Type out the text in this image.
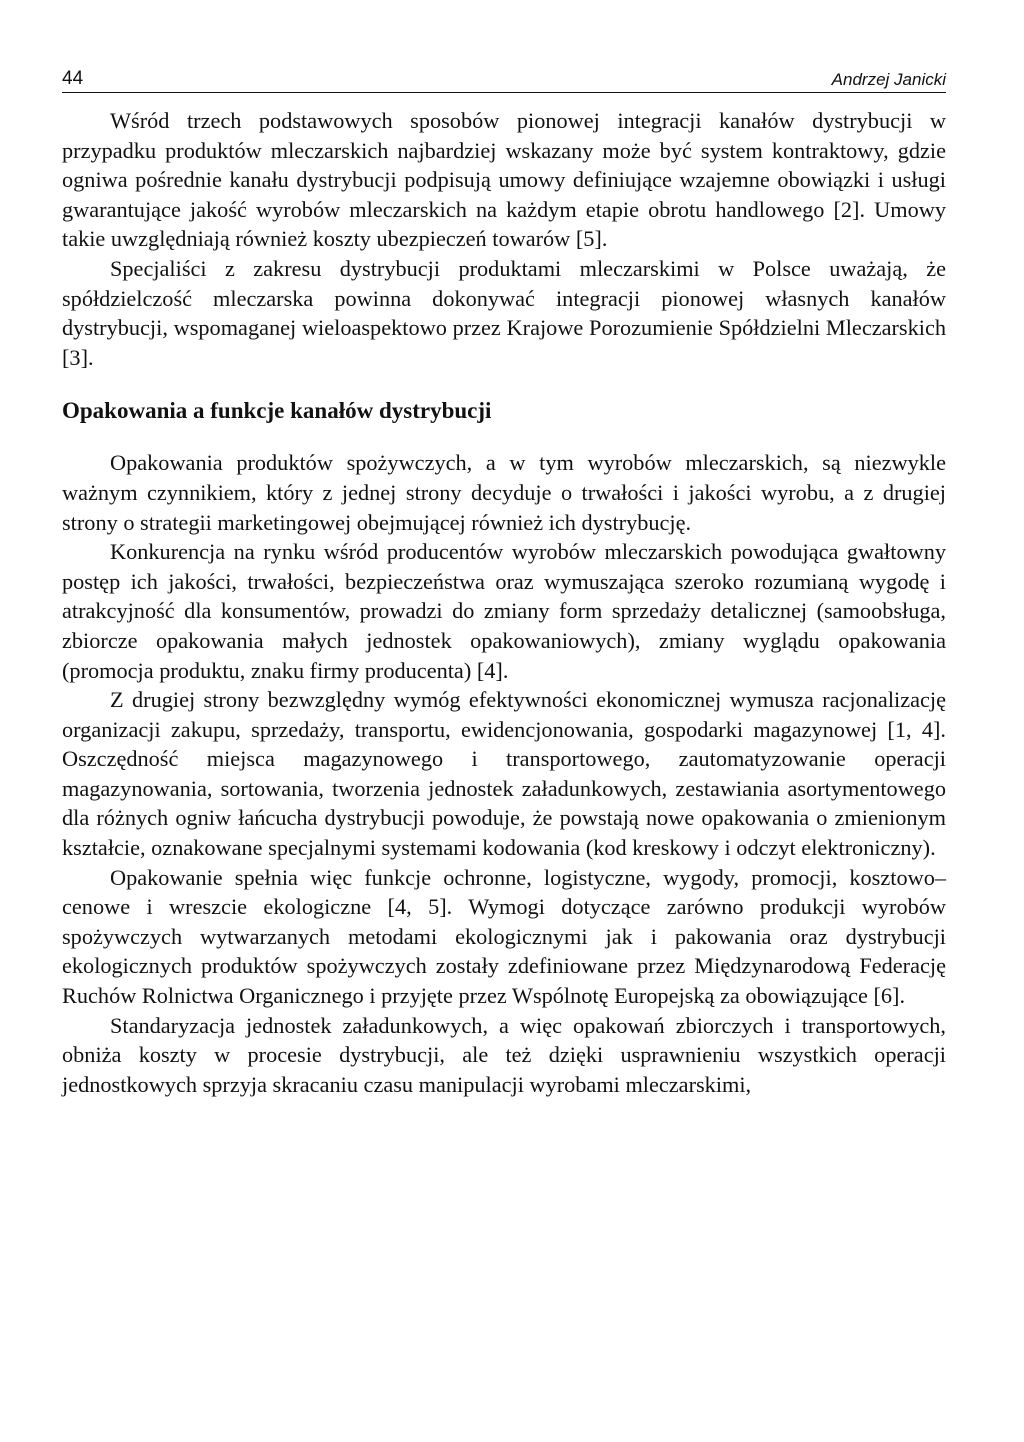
44	Andrzej Janicki

Wśród trzech podstawowych sposobów pionowej integracji kanałów dystrybucji w przypadku produktów mleczarskich najbardziej wskazany może być system kontraktowy, gdzie ogniwa pośrednie kanału dystrybucji podpisują umowy definiujące wzajemne obowiązki i usługi gwarantujące jakość wyrobów mleczarskich na każdym etapie obrotu handlowego [2]. Umowy takie uwzględniają również koszty ubezpieczeń towarów [5].

Specjaliści z zakresu dystrybucji produktami mleczarskimi w Polsce uważają, że spółdzielczość mleczarska powinna dokonywać integracji pionowej własnych kanałów dystrybucji, wspomaganej wieloaspektowo przez Krajowe Porozumienie Spółdzielni Mleczarskich [3].

Opakowania a funkcje kanałów dystrybucji

Opakowania produktów spożywczych, a w tym wyrobów mleczarskich, są niezwykle ważnym czynnikiem, który z jednej strony decyduje o trwałości i jakości wyrobu, a z drugiej strony o strategii marketingowej obejmującej również ich dystrybucję.

Konkurencja na rynku wśród producentów wyrobów mleczarskich powodująca gwałtowny postęp ich jakości, trwałości, bezpieczeństwa oraz wymuszająca szeroko rozumianą wygodę i atrakcyjność dla konsumentów, prowadzi do zmiany form sprzedaży detalicznej (samoobsługa, zbiorcze opakowania małych jednostek opakowaniowych), zmiany wyglądu opakowania (promocja produktu, znaku firmy producenta) [4].

Z drugiej strony bezwzględny wymóg efektywności ekonomicznej wymusza racjonalizację organizacji zakupu, sprzedaży, transportu, ewidencjonowania, gospodarki magazynowej [1, 4]. Oszczędność miejsca magazynowego i transportowego, zautomatyzowanie operacji magazynowania, sortowania, tworzenia jednostek załadunkowych, zestawiania asortymentowego dla różnych ogniw łańcucha dystrybucji powoduje, że powstają nowe opakowania o zmienionym kształcie, oznakowane specjalnymi systemami kodowania (kod kreskowy i odczyt elektroniczny).

Opakowanie spełnia więc funkcje ochronne, logistyczne, wygody, promocji, kosztowo–cenowe i wreszcie ekologiczne [4, 5]. Wymogi dotyczące zarówno produkcji wyrobów spożywczych wytwarzanych metodami ekologicznymi jak i pakowania oraz dystrybucji ekologicznych produktów spożywczych zostały zdefiniowane przez Międzynarodową Federację Ruchów Rolnictwa Organicznego i przyjęte przez Wspólnotę Europejską za obowiązujące [6].

Standaryzacja jednostek załadunkowych, a więc opakowań zbiorczych i transportowych, obniża koszty w procesie dystrybucji, ale też dzięki usprawnieniu wszystkich operacji jednostkowych sprzyja skracaniu czasu manipulacji wyrobami mleczarskimi,
